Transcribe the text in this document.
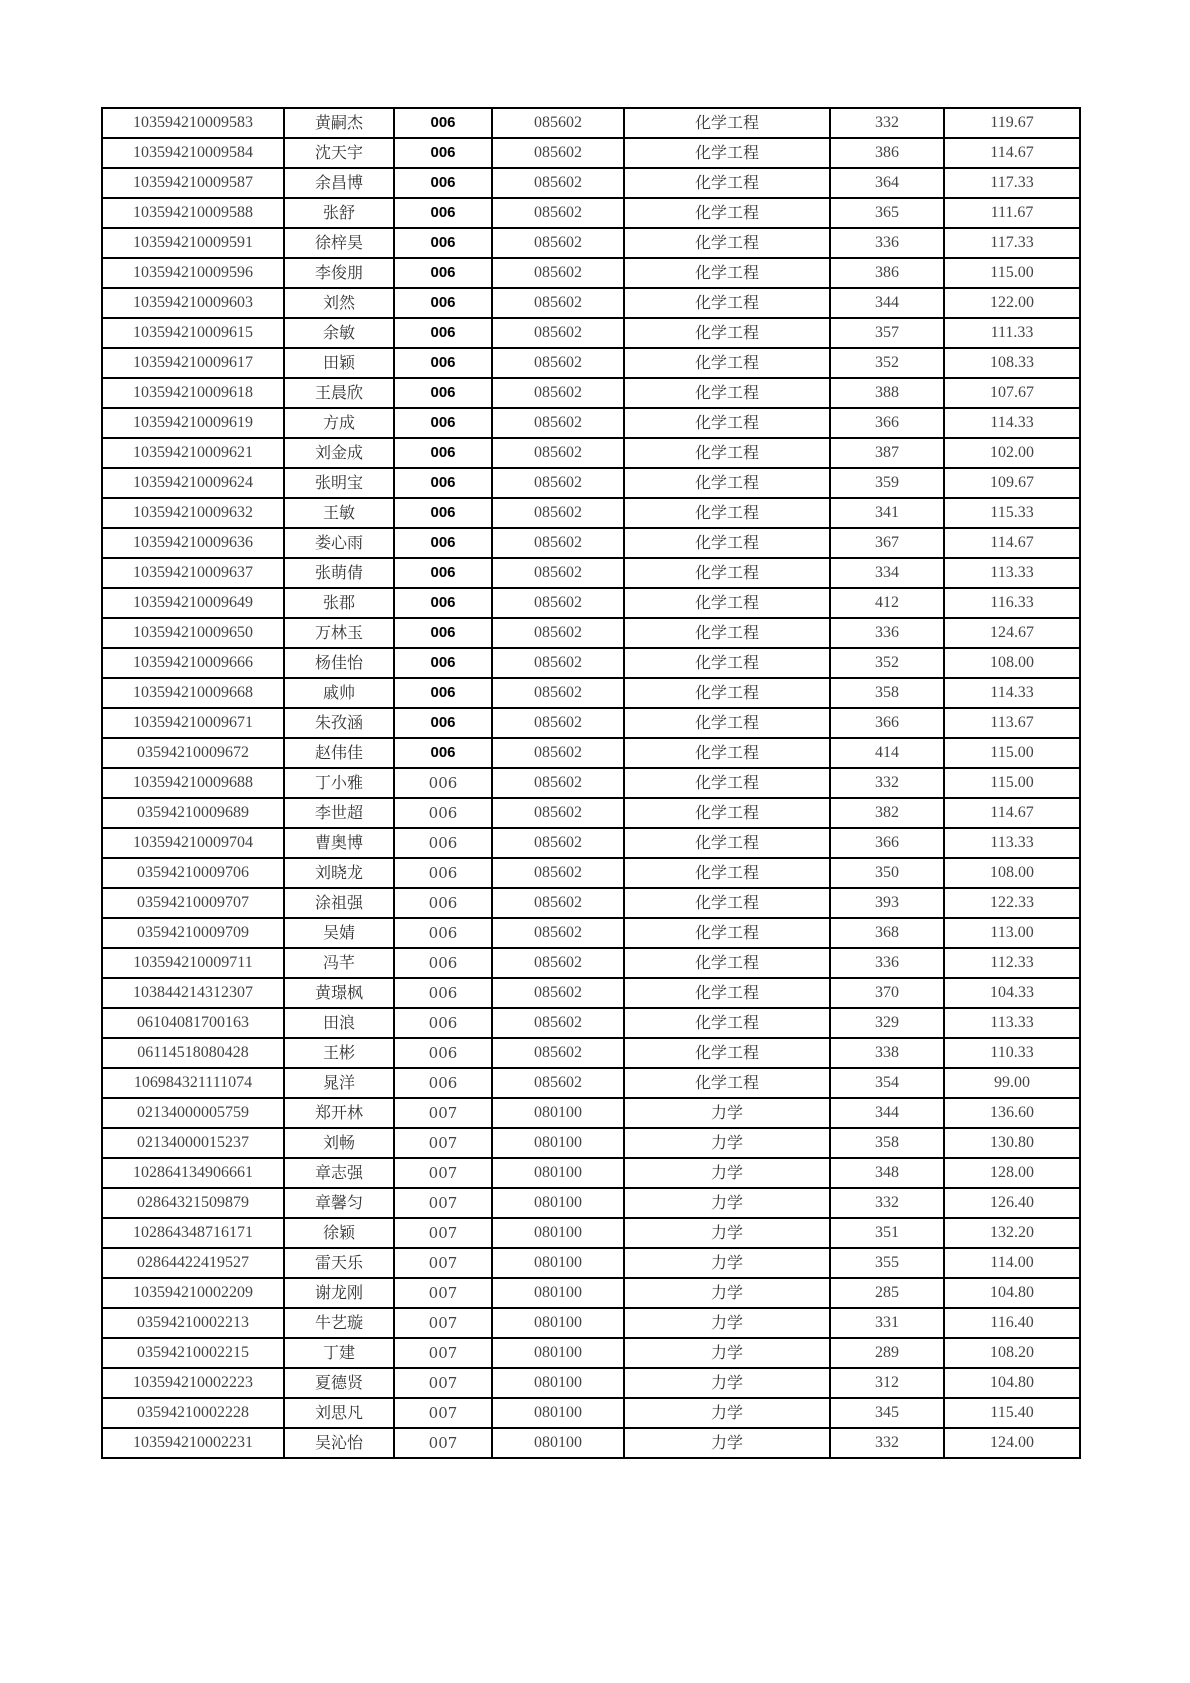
103594210009583	黄嗣杰	006	085602	化学工程	332	119.67
103594210009584	沈天宇	006	085602	化学工程	386	114.67
103594210009587	余昌博	006	085602	化学工程	364	117.33
103594210009588	张舒	006	085602	化学工程	365	111.67
103594210009591	徐梓昊	006	085602	化学工程	336	117.33
103594210009596	李俊朋	006	085602	化学工程	386	115.00
103594210009603	刘然	006	085602	化学工程	344	122.00
103594210009615	余敏	006	085602	化学工程	357	111.33
103594210009617	田颖	006	085602	化学工程	352	108.33
103594210009618	王晨欣	006	085602	化学工程	388	107.67
103594210009619	方成	006	085602	化学工程	366	114.33
103594210009621	刘金成	006	085602	化学工程	387	102.00
103594210009624	张明宝	006	085602	化学工程	359	109.67
103594210009632	王敏	006	085602	化学工程	341	115.33
103594210009636	娄心雨	006	085602	化学工程	367	114.67
103594210009637	张萌倩	006	085602	化学工程	334	113.33
103594210009649	张郡	006	085602	化学工程	412	116.33
103594210009650	万林玉	006	085602	化学工程	336	124.67
103594210009666	杨佳怡	006	085602	化学工程	352	108.00
103594210009668	戚帅	006	085602	化学工程	358	114.33
103594210009671	朱孜涵	006	085602	化学工程	366	113.67
03594210009672	赵伟佳	006	085602	化学工程	414	115.00
103594210009688	丁小雅	006	085602	化学工程	332	115.00
03594210009689	李世超	006	085602	化学工程	382	114.67
103594210009704	曹奥博	006	085602	化学工程	366	113.33
03594210009706	刘晓龙	006	085602	化学工程	350	108.00
03594210009707	涂祖强	006	085602	化学工程	393	122.33
03594210009709	吴婧	006	085602	化学工程	368	113.00
103594210009711	冯芊	006	085602	化学工程	336	112.33
103844214312307	黄璟枫	006	085602	化学工程	370	104.33
06104081700163	田浪	006	085602	化学工程	329	113.33
06114518080428	王彬	006	085602	化学工程	338	110.33
106984321111074	晁洋	006	085602	化学工程	354	99.00
02134000005759	郑开林	007	080100	力学	344	136.60
02134000015237	刘畅	007	080100	力学	358	130.80
102864134906661	章志强	007	080100	力学	348	128.00
02864321509879	章馨匀	007	080100	力学	332	126.40
102864348716171	徐颖	007	080100	力学	351	132.20
02864422419527	雷天乐	007	080100	力学	355	114.00
103594210002209	谢龙刚	007	080100	力学	285	104.80
03594210002213	牛艺璇	007	080100	力学	331	116.40
03594210002215	丁建	007	080100	力学	289	108.20
103594210002223	夏德贤	007	080100	力学	312	104.80
03594210002228	刘思凡	007	080100	力学	345	115.40
103594210002231	吴沁怡	007	080100	力学	332	124.00
